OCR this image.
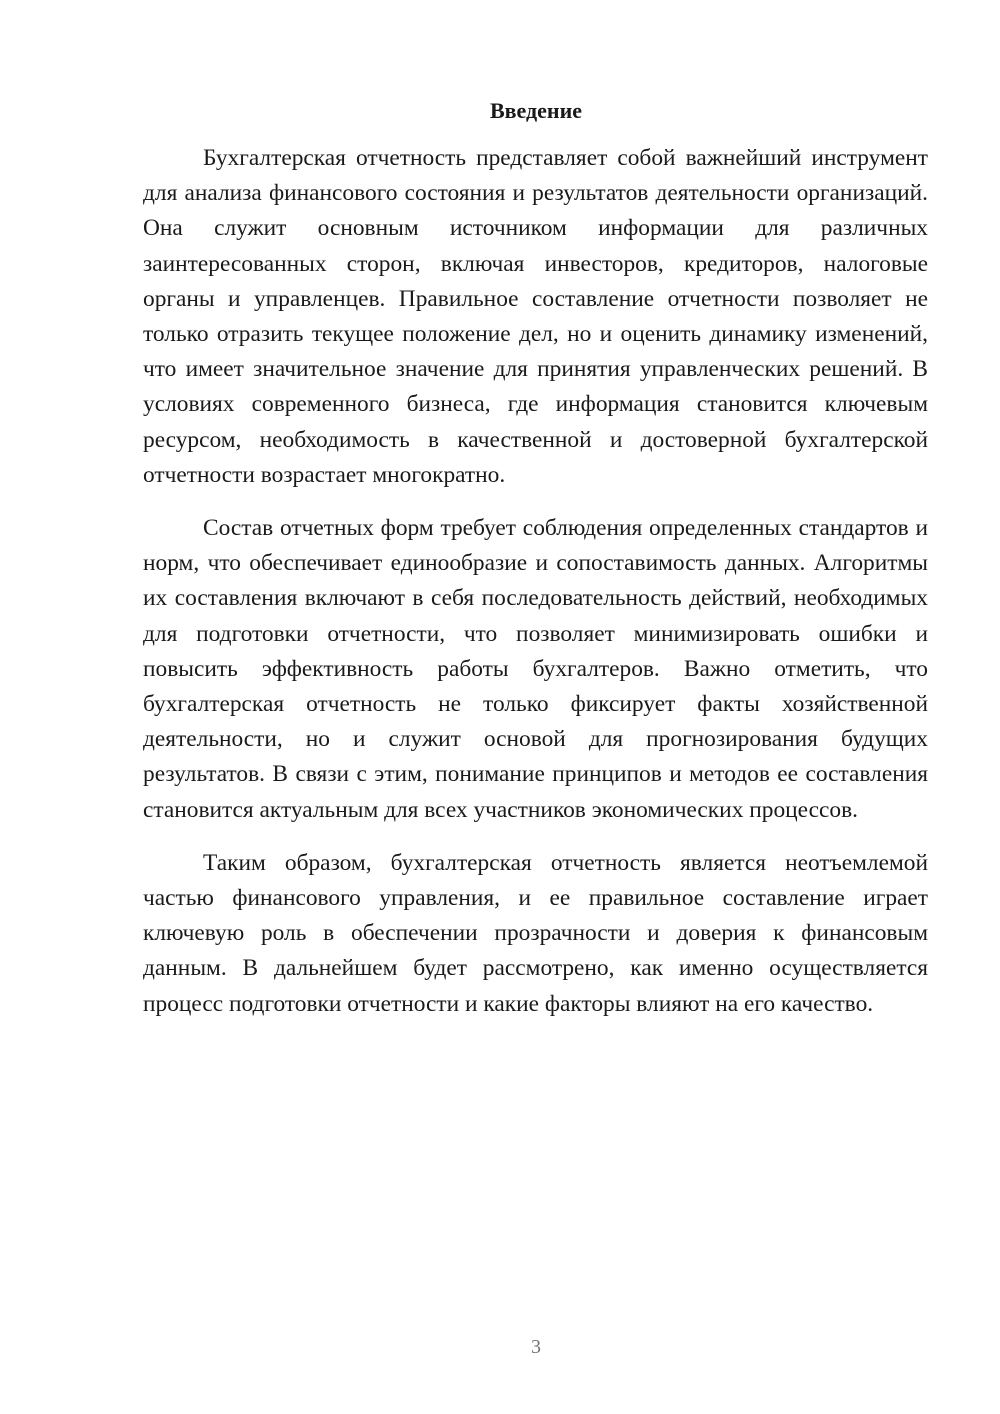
Введение

Бухгалтерская отчетность представляет собой важнейший инструмент для анализа финансового состояния и результатов деятельности организаций. Она служит основным источником информации для различных заинтересованных сторон, включая инвесторов, кредиторов, налоговые органы и управленцев. Правильное составление отчетности позволяет не только отразить текущее положение дел, но и оценить динамику изменений, что имеет значительное значение для принятия управленческих решений. В условиях современного бизнеса, где информация становится ключевым ресурсом, необходимость в качественной и достоверной бухгалтерской отчетности возрастает многократно.

Состав отчетных форм требует соблюдения определенных стандартов и норм, что обеспечивает единообразие и сопоставимость данных. Алгоритмы их составления включают в себя последовательность действий, необходимых для подготовки отчетности, что позволяет минимизировать ошибки и повысить эффективность работы бухгалтеров. Важно отметить, что бухгалтерская отчетность не только фиксирует факты хозяйственной деятельности, но и служит основой для прогнозирования будущих результатов. В связи с этим, понимание принципов и методов ее составления становится актуальным для всех участников экономических процессов.

Таким образом, бухгалтерская отчетность является неотъемлемой частью финансового управления, и ее правильное составление играет ключевую роль в обеспечении прозрачности и доверия к финансовым данным. В дальнейшем будет рассмотрено, как именно осуществляется процесс подготовки отчетности и какие факторы влияют на его качество.

3
